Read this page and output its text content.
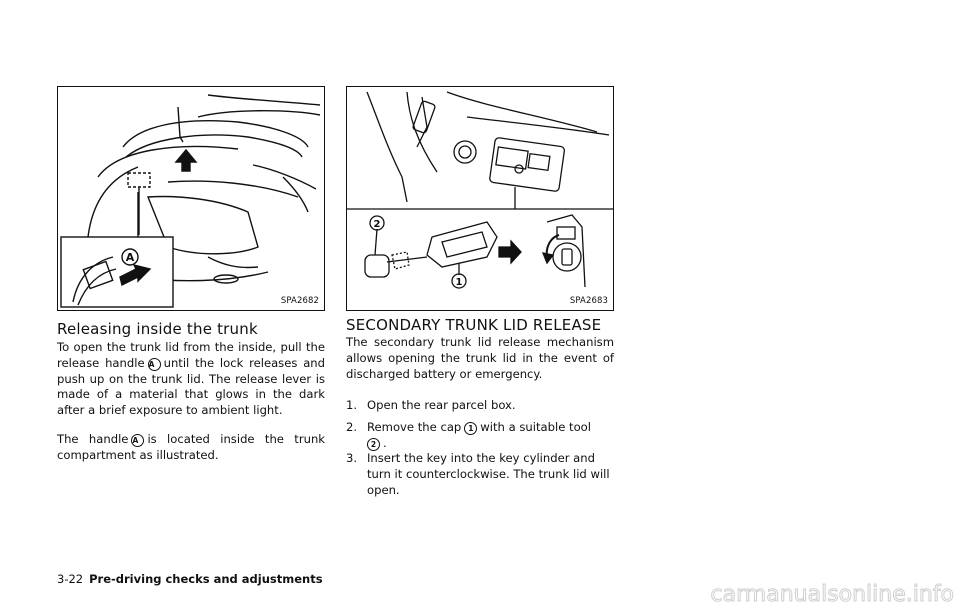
A
SPA2682
2
1
SPA2683
Releasing inside the trunk

To open the trunk lid from the inside, pull the release handle A until the lock releases and push up on the trunk lid. The release lever is made of a material that glows in the dark after a brief exposure to ambient light.

The handle A is located inside the trunk compartment as illustrated.

SECONDARY TRUNK LID RELEASE

The secondary trunk lid release mechanism allows opening the trunk lid in the event of discharged battery or emergency.

1. Open the rear parcel box.
2. Remove the cap 1 with a suitable tool
2 .
3. Insert the key into the key cylinder and turn it counterclockwise. The trunk lid will open.
3-22 Pre-driving checks and adjustments
carmanualsonline.info
